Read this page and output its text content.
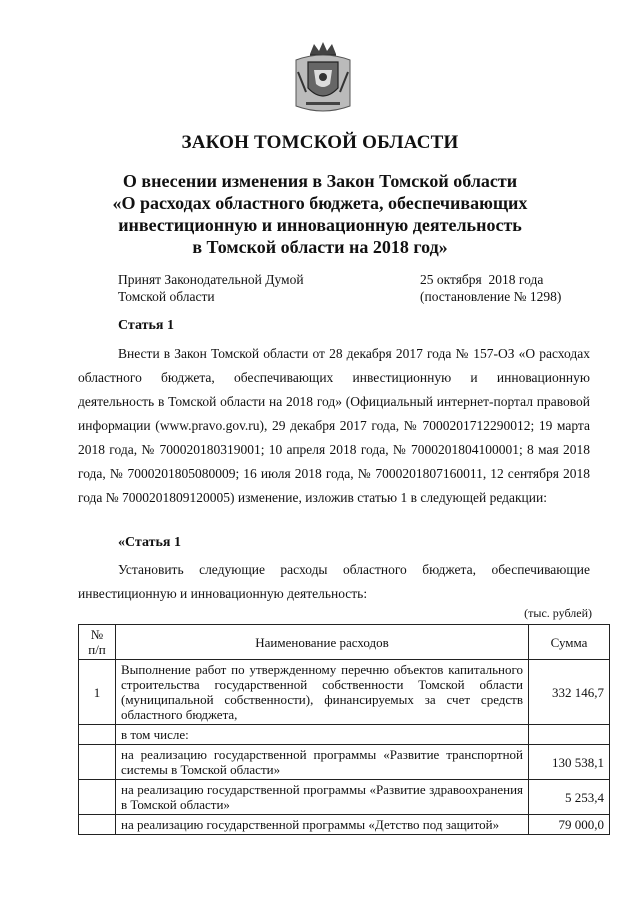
ЗАКОН ТОМСКОЙ ОБЛАСТИ
О внесении изменения в Закон Томской области
«О расходах областного бюджета, обеспечивающих
инвестиционную и инновационную деятельность
в Томской области на 2018 год»
Принят Законодательной Думой
Томской области
25 октября  2018 года
(постановление № 1298)
Статья 1
Внести в Закон Томской области от 28 декабря 2017 года № 157-ОЗ «О расходах областного бюджета, обеспечивающих инвестиционную и инновационную деятельность в Томской области на 2018 год» (Официальный интернет-портал правовой информации (www.pravo.gov.ru), 29 декабря 2017 года, № 7000201712290012; 19 марта 2018 года, № 700020180319001; 10 апреля 2018 года, № 7000201804100001; 8 мая 2018 года, № 7000201805080009; 16 июля 2018 года, № 7000201807160011, 12 сентября 2018 года № 7000201809120005) изменение, изложив статью 1 в следующей редакции:
«Статья 1
Установить следующие расходы областного бюджета, обеспечивающие инвестиционную и инновационную деятельность:
(тыс. рублей)
№ п/п	Наименование расходов	Сумма
1	Выполнение работ по утвержденному перечню объектов капитального строительства государственной собственности Томской области (муниципальной собственности), финансируемых за счет средств областного бюджета,	332 146,7
	в том числе:	
	на реализацию государственной программы «Развитие транспортной системы в Томской области»	130 538,1
	на реализацию государственной программы «Развитие здравоохранения в Томской области»	5 253,4
	на реализацию государственной программы «Детство под защитой»	79 000,0
